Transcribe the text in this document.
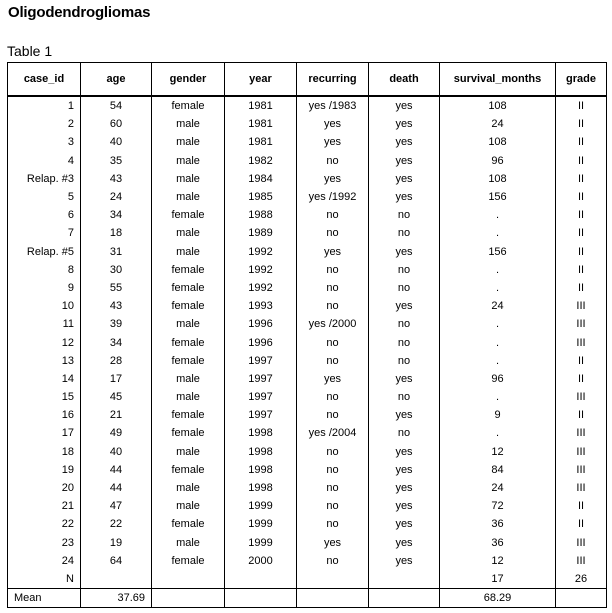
Oligodendrogliomas
Table 1
case_id	age	gender	year	recurring	death	survival_months	grade
1	54	female	1981	yes /1983	yes	108	II
2	60	male	1981	yes	yes	24	II
3	40	male	1981	yes	yes	108	II
4	35	male	1982	no	yes	96	II
Relap. #3	43	male	1984	yes	yes	108	II
5	24	male	1985	yes /1992	yes	156	II
6	34	female	1988	no	no	.	II
7	18	male	1989	no	no	.	II
Relap. #5	31	male	1992	yes	yes	156	II
8	30	female	1992	no	no	.	II
9	55	female	1992	no	no	.	II
10	43	female	1993	no	yes	24	III
11	39	male	1996	yes /2000	no	.	III
12	34	female	1996	no	no	.	III
13	28	female	1997	no	no	.	II
14	17	male	1997	yes	yes	96	II
15	45	male	1997	no	no	.	III
16	21	female	1997	no	yes	9	II
17	49	female	1998	yes /2004	no	.	III
18	40	male	1998	no	yes	12	III
19	44	female	1998	no	yes	84	III
20	44	male	1998	no	yes	24	III
21	47	male	1999	no	yes	72	II
22	22	female	1999	no	yes	36	II
23	19	male	1999	yes	yes	36	III
24	64	female	2000	no	yes	12	III
N						17	26
Mean	37.69					68.29	
